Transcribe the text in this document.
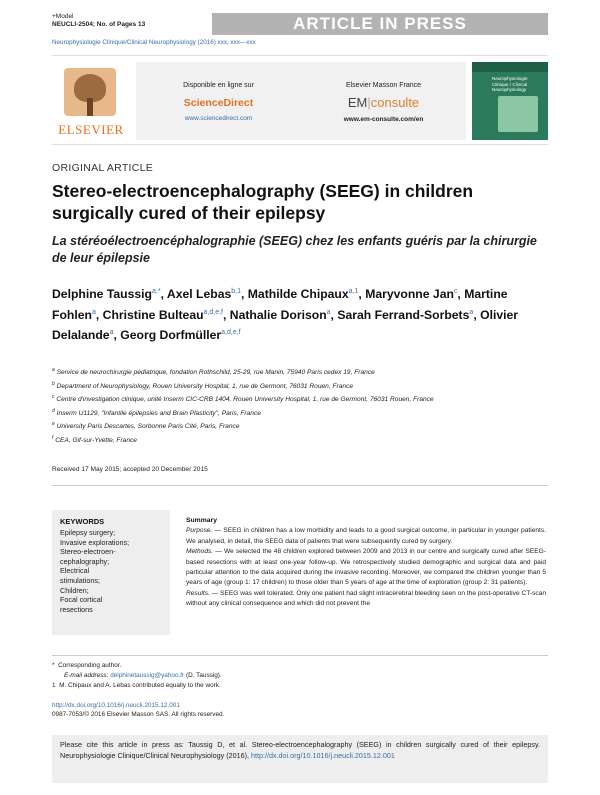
+Model
NEUCLI-2504; No. of Pages 13	ARTICLE IN PRESS
Neurophysiologie Clinique/Clinical Neurophysiology (2016) xxx, xxx—xxx
ELSEVIER
Disponible en ligne sur
ScienceDirect
www.sciencedirect.com
Elsevier Masson France
EM|consulte
www.em-consulte.com/en
Neurophysiologie Clinique / Clinical Neurophysiology
ORIGINAL ARTICLE
Stereo-electroencephalography (SEEG) in children surgically cured of their epilepsy
La stéréoélectroencéphalographie (SEEG) chez les enfants guéris par la chirurgie de leur épilepsie
Delphine Taussig$^{a,*}$, Axel Lebas$^{b,1}$, Mathilde Chipaux$^{a,1}$, Maryvonne Jan$^c$, Martine Fohlen$^a$, Christine Bulteau$^{a,d,e,f}$, Nathalie Dorison$^a$, Sarah Ferrand-Sorbets$^a$, Olivier Delalande$^a$, Georg Dorfmüller$^{a,d,e,f}$
$^a$ Service de neurochirurgie pédiatrique, fondation Rothschild, 25-29, rue Manin, 75940 Paris cedex 19, France
$^b$ Department of Neurophysiology, Rouen University Hospital, 1, rue de Germont, 76031 Rouen, France
$^c$ Centre d'investigation clinique, unité Inserm CIC-CRB 1404, Rouen University Hospital, 1, rue de Germont, 76031 Rouen, France
$^d$ Inserm U1129, "Infantile épilepsies and Brain Plasticity", Paris, France
$^e$ University Paris Descartes, Sorbonne Paris Cité, Paris, France
$^f$ CEA, Gif-sur-Yvette, France
Received 17 May 2015; accepted 20 December 2015
KEYWORDS
Epilepsy surgery;
Invasive explorations;
Stereo-electroen-
cephalography;
Electrical
stimulations;
Children;
Focal cortical
resections
Summary
Purpose. — SEEG in children has a low morbidity and leads to a good surgical outcome, in particular in younger patients. We analysed, in detail, the SEEG data of patients that were subsequently cured by surgery.
Methods. — We selected the 48 children explored between 2009 and 2013 in our centre and surgically cured after SEEG-based resections with at least one-year follow-up. We retrospectively studied demographic and surgical data and paid particular attention to the data acquired during the invasive recording. Moreover, we compared the children younger than 5 years of age (group 1: 17 children) to those older than 5 years of age at the time of exploration (group 2: 31 patients).
Results. — SEEG was well tolerated. Only one patient had slight intracerebral bleeding seen on the post-operative CT-scan without any clinical consequence and which did not prevent the
* Corresponding author.
E-mail address: delphinetaussig@yahoo.fr (D. Taussig).
1 M. Chipaux and A. Lebas contributed equally to the work.
http://dx.doi.org/10.1016/j.neucli.2015.12.001
0987-7053/© 2016 Elsevier Masson SAS. All rights reserved.
Please cite this article in press as: Taussig D, et al. Stereo-electroencephalography (SEEG) in children surgically cured of their epilepsy. Neurophysiologie Clinique/Clinical Neurophysiology (2016), http://dx.doi.org/10.1016/j.neucli.2015.12.001
